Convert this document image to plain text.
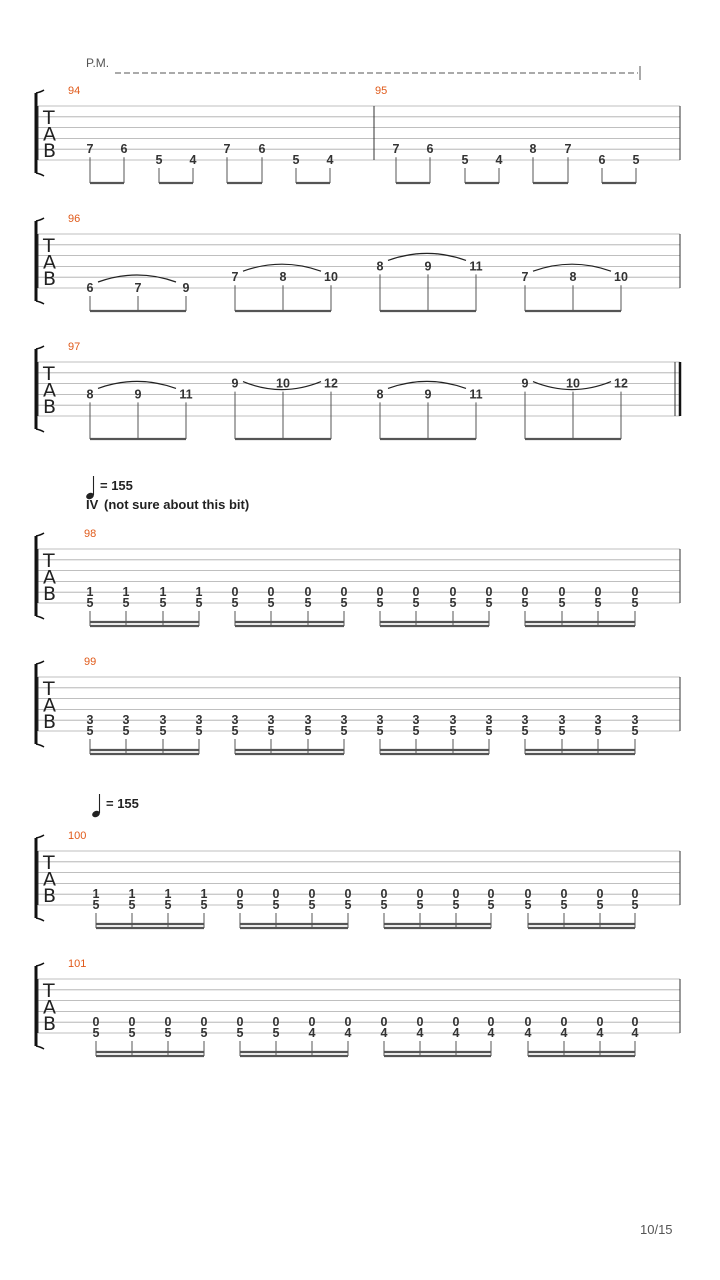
T
A
B
94	95
7 6
5 4
7 6
5 4
7 6
5 4
8 7
6 5
T
A
B
96
6	7	9
7	8	10
8	9	11
7	8	10
T
A
B
97
8	9	11
9	10	12
8	9	11
9	10	12
T
A
B
98
1
5
1
5
1
5
1
5
0
5
0
5
0
5
0
5
0
5
0
5
0
5
0
5
0
5
0
5
0
5
0
5
T
A
B
99
3
5
3
5
3
5
3
5
3
5
3
5
3
5
3
5
3
5
3
5
3
5
3
5
3
5
3
5
3
5
3
5
T
A
B
100
1
5
1
5
1
5
1
5
0
5
0
5
0
5
0
5
0
5
0
5
0
5
0
5
0
5
0
5
0
5
0
5
T
A
B
101
0
5
0
5
0
5
0
5
0
5
0
5
0
4
0
4
0
4
0
4
0
4
0
4
0
4
0
4
0
4
0
4
P.M.
= 155
IV (not sure about this bit)
= 155
10/15
